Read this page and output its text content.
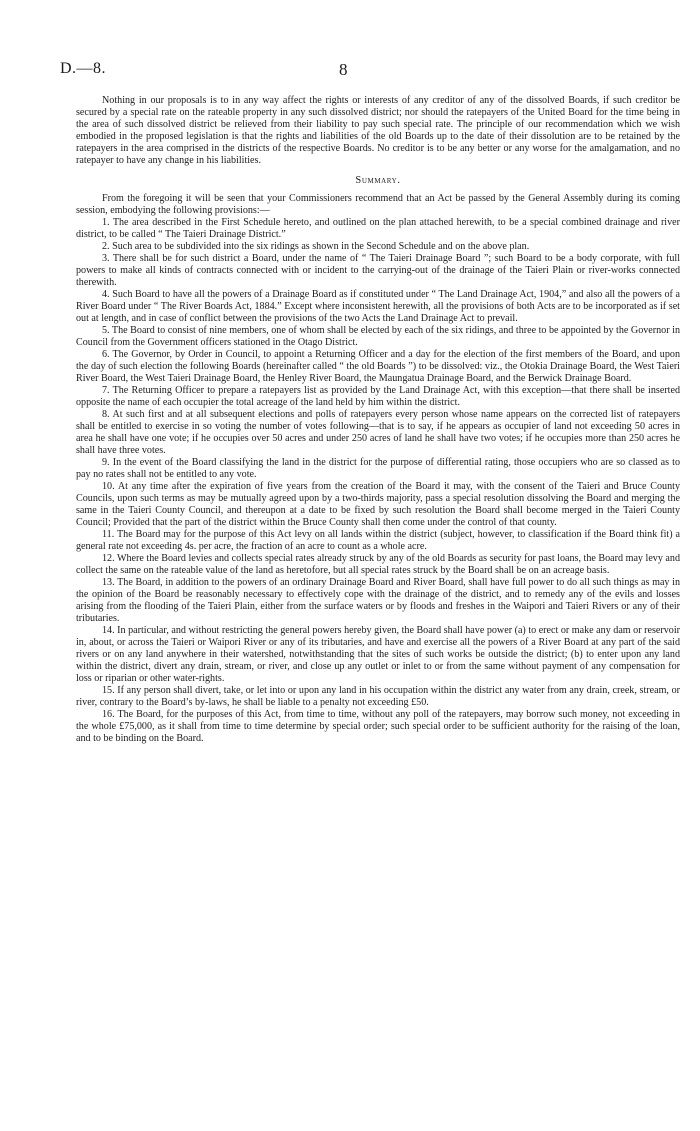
D.—8.	8

Nothing in our proposals is to in any way affect the rights or interests of any creditor of any of the dissolved Boards, if such creditor be secured by a special rate on the rateable property in any such dissolved district; nor should the ratepayers of the United Board for the time being in the area of such dissolved district be relieved from their liability to pay such special rate. The principle of our recommendation which we wish embodied in the proposed legislation is that the rights and liabilities of the old Boards up to the date of their dissolution are to be retained by the ratepayers in the area comprised in the districts of the respective Boards. No creditor is to be any better or any worse for the amalgamation, and no ratepayer to have any change in his liabilities.

Summary.

From the foregoing it will be seen that your Commissioners recommend that an Act be passed by the General Assembly during its coming session, embodying the following provisions:—

1. The area described in the First Schedule hereto, and outlined on the plan attached herewith, to be a special combined drainage and river district, to be called “ The Taieri Drainage District.”

2. Such area to be subdivided into the six ridings as shown in the Second Schedule and on the above plan.

3. There shall be for such district a Board, under the name of “ The Taieri Drainage Board ”; such Board to be a body corporate, with full powers to make all kinds of contracts connected with or incident to the carrying-out of the drainage of the Taieri Plain or river-works connected therewith.

4. Such Board to have all the powers of a Drainage Board as if constituted under “ The Land Drainage Act, 1904,” and also all the powers of a River Board under “ The River Boards Act, 1884.” Except where inconsistent herewith, all the provisions of both Acts are to be incorporated as if set out at length, and in case of conflict between the provisions of the two Acts the Land Drainage Act to prevail.

5. The Board to consist of nine members, one of whom shall be elected by each of the six ridings, and three to be appointed by the Governor in Council from the Government officers stationed in the Otago District.

6. The Governor, by Order in Council, to appoint a Returning Officer and a day for the election of the first members of the Board, and upon the day of such election the following Boards (hereinafter called “ the old Boards ”) to be dissolved: viz., the Otokia Drainage Board, the West Taieri River Board, the West Taieri Drainage Board, the Henley River Board, the Maungatua Drainage Board, and the Berwick Drainage Board.

7. The Returning Officer to prepare a ratepayers list as provided by the Land Drainage Act, with this exception—that there shall be inserted opposite the name of each occupier the total acreage of the land held by him within the district.

8. At such first and at all subsequent elections and polls of ratepayers every person whose name appears on the corrected list of ratepayers shall be entitled to exercise in so voting the number of votes following—that is to say, if he appears as occupier of land not exceeding 50 acres in area he shall have one vote; if he occupies over 50 acres and under 250 acres of land he shall have two votes; if he occupies more than 250 acres he shall have three votes.

9. In the event of the Board classifying the land in the district for the purpose of differential rating, those occupiers who are so classed as to pay no rates shall not be entitled to any vote.

10. At any time after the expiration of five years from the creation of the Board it may, with the consent of the Taieri and Bruce County Councils, upon such terms as may be mutually agreed upon by a two-thirds majority, pass a special resolution dissolving the Board and merging the same in the Taieri County Council, and thereupon at a date to be fixed by such resolution the Board shall become merged in the Taieri County Council; Provided that the part of the district within the Bruce County shall then come under the control of that county.

11. The Board may for the purpose of this Act levy on all lands within the district (subject, however, to classification if the Board think fit) a general rate not exceeding 4s. per acre, the fraction of an acre to count as a whole acre.

12. Where the Board levies and collects special rates already struck by any of the old Boards as security for past loans, the Board may levy and collect the same on the rateable value of the land as heretofore, but all special rates struck by the Board shall be on an acreage basis.

13. The Board, in addition to the powers of an ordinary Drainage Board and River Board, shall have full power to do all such things as may in the opinion of the Board be reasonably necessary to effectively cope with the drainage of the district, and to remedy any of the evils and losses arising from the flooding of the Taieri Plain, either from the surface waters or by floods and freshes in the Waipori and Taieri Rivers or any of their tributaries.

14. In particular, and without restricting the general powers hereby given, the Board shall have power (a) to erect or make any dam or reservoir in, about, or across the Taieri or Waipori River or any of its tributaries, and have and exercise all the powers of a River Board at any part of the said rivers or on any land anywhere in their watershed, notwithstanding that the sites of such works be outside the district; (b) to enter upon any land within the district, divert any drain, stream, or river, and close up any outlet or inlet to or from the same without payment of any compensation for loss or riparian or other water-rights.

15. If any person shall divert, take, or let into or upon any land in his occupation within the district any water from any drain, creek, stream, or river, contrary to the Board’s by-laws, he shall be liable to a penalty not exceeding £50.

16. The Board, for the purposes of this Act, from time to time, without any poll of the ratepayers, may borrow such money, not exceeding in the whole £75,000, as it shall from time to time determine by special order; such special order to be sufficient authority for the raising of the loan, and to be binding on the Board.
